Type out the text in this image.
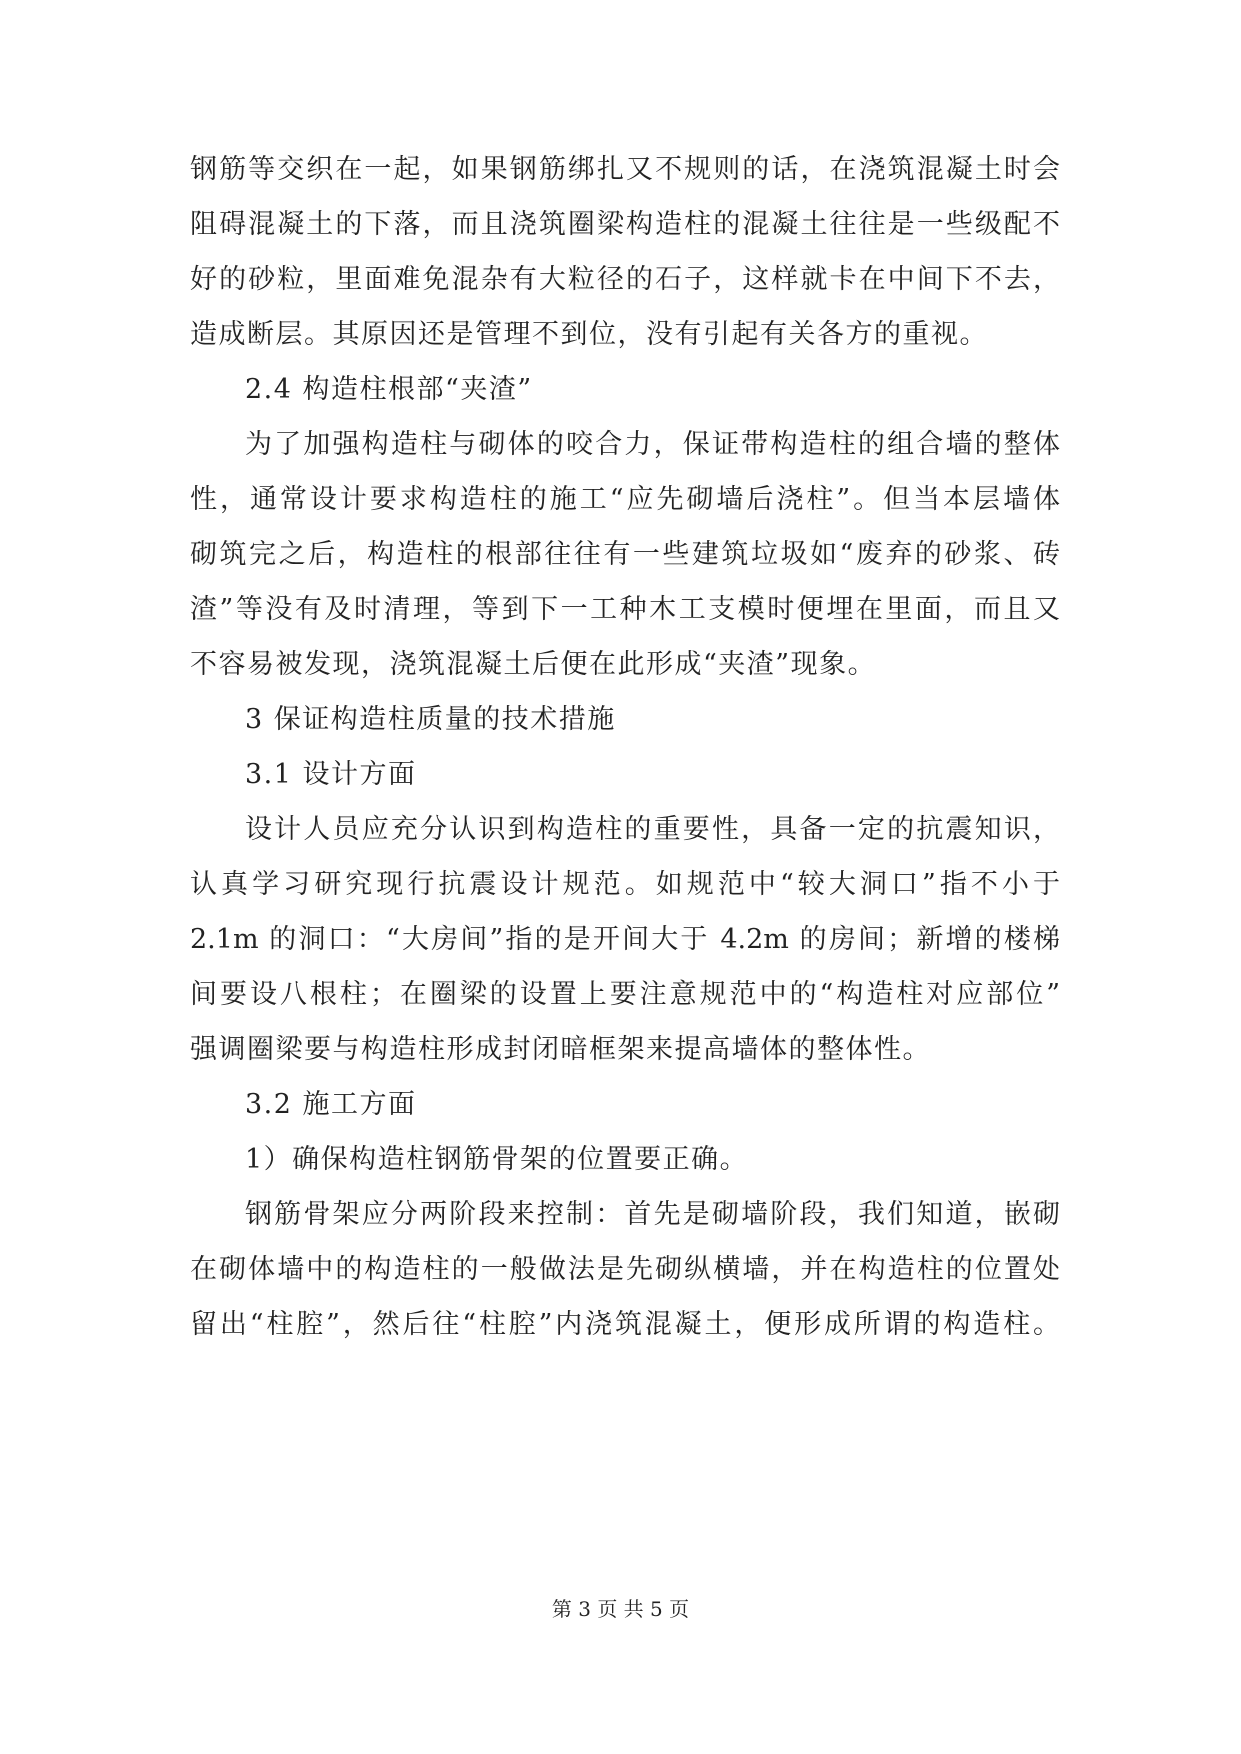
钢筋等交织在一起，如果钢筋绑扎又不规则的话，在浇筑混凝土时会
阻碍混凝土的下落，而且浇筑圈梁构造柱的混凝土往往是一些级配不
好的砂粒，里面难免混杂有大粒径的石子，这样就卡在中间下不去，
造成断层。其原因还是管理不到位，没有引起有关各方的重视。
2.4 构造柱根部“夹渣”
为了加强构造柱与砌体的咬合力，保证带构造柱的组合墙的整体
性，通常设计要求构造柱的施工“应先砌墙后浇柱”。但当本层墙体
砌筑完之后，构造柱的根部往往有一些建筑垃圾如“废弃的砂浆、砖
渣”等没有及时清理，等到下一工种木工支模时便埋在里面，而且又
不容易被发现，浇筑混凝土后便在此形成“夹渣”现象。
3 保证构造柱质量的技术措施
3.1 设计方面
设计人员应充分认识到构造柱的重要性，具备一定的抗震知识，
认真学习研究现行抗震设计规范。如规范中“较大洞口”指不小于
2.1m 的洞口：“大房间”指的是开间大于 4.2m 的房间；新增的楼梯
间要设八根柱；在圈梁的设置上要注意规范中的“构造柱对应部位”
强调圈梁要与构造柱形成封闭暗框架来提高墙体的整体性。
3.2 施工方面
1）确保构造柱钢筋骨架的位置要正确。
钢筋骨架应分两阶段来控制：首先是砌墙阶段，我们知道，嵌砌
在砌体墙中的构造柱的一般做法是先砌纵横墙，并在构造柱的位置处
留出“柱腔”，然后往“柱腔”内浇筑混凝土，便形成所谓的构造柱。
第 3 页 共 5 页
